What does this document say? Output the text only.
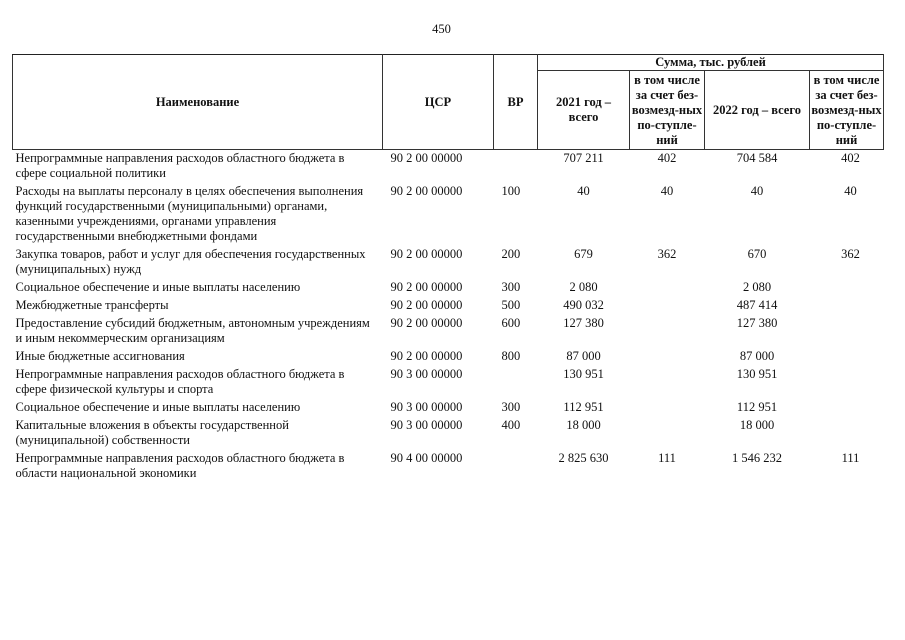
450
Наименование	ЦСР	ВР	Сумма, тыс. рублей			
			2021 год – всего	в том числе за счет без-возмезд-ных по-ступле-ний	2022 год – всего	в том числе за счет без-возмезд-ных по-ступле-ний
Непрограммные направления расходов областного бюджета в сфере социальной политики	90 2 00 00000		707 211	402	704 584	402
Расходы на выплаты персоналу в целях обеспечения выполнения функций государственными (муниципальными) органами, казенными учреждениями, органами управления государственными внебюджетными фондами	90 2 00 00000	100	40	40	40	40
Закупка товаров, работ и услуг для обеспечения государственных (муниципальных) нужд	90 2 00 00000	200	679	362	670	362
Социальное обеспечение и иные выплаты населению	90 2 00 00000	300	2 080		2 080	
Межбюджетные трансферты	90 2 00 00000	500	490 032		487 414	
Предоставление субсидий бюджетным, автономным учреждениям и иным некоммерческим организациям	90 2 00 00000	600	127 380		127 380	
Иные бюджетные ассигнования	90 2 00 00000	800	87 000		87 000	
Непрограммные направления расходов областного бюджета в сфере физической культуры и спорта	90 3 00 00000		130 951		130 951	
Социальное обеспечение и иные выплаты населению	90 3 00 00000	300	112 951		112 951	
Капитальные вложения в объекты государственной (муниципальной) собственности	90 3 00 00000	400	18 000		18 000	
Непрограммные направления расходов областного бюджета в области национальной экономики	90 4 00 00000		2 825 630	111	1 546 232	111
